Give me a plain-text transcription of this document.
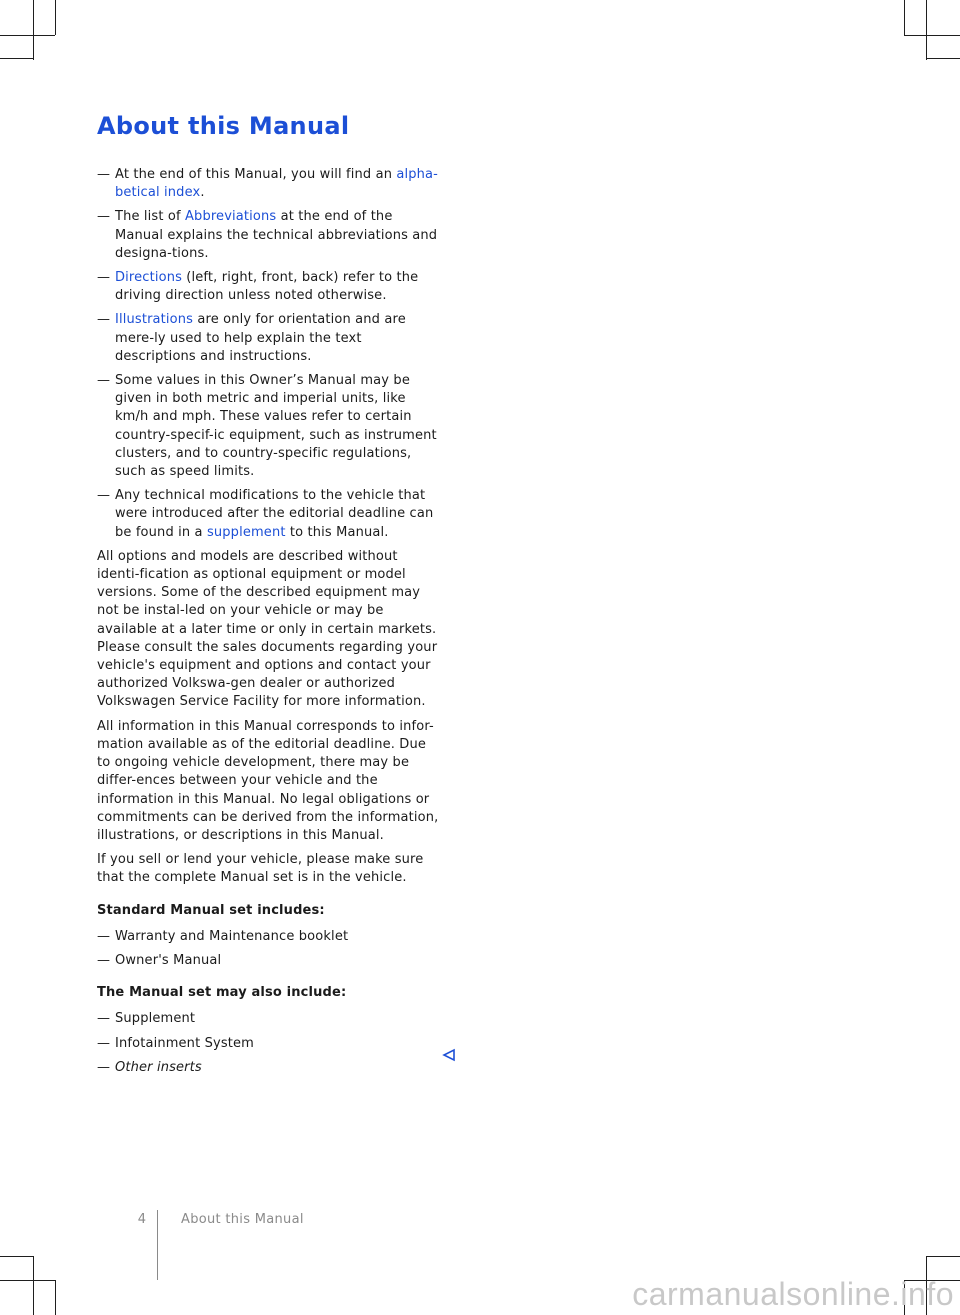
About this Manual
— At the end of this Manual, you will find an alpha-betical index.
— The list of Abbreviations at the end of the Manual explains the technical abbreviations and designa-tions.
— Directions (left, right, front, back) refer to the driving direction unless noted otherwise.
— Illustrations are only for orientation and are mere-ly used to help explain the text descriptions and instructions.
— Some values in this Owner’s Manual may be given in both metric and imperial units, like km/h and mph. These values refer to certain country-specif-ic equipment, such as instrument clusters, and to country-specific regulations, such as speed limits.
— Any technical modifications to the vehicle that were introduced after the editorial deadline can be found in a supplement to this Manual.

All options and models are described without identi-fication as optional equipment or model versions. Some of the described equipment may not be instal-led on your vehicle or may be available at a later time or only in certain markets. Please consult the sales documents regarding your vehicle's equipment and options and contact your authorized Volkswa-gen dealer or authorized Volkswagen Service Facility for more information.

All information in this Manual corresponds to infor-mation available as of the editorial deadline. Due to ongoing vehicle development, there may be differ-ences between your vehicle and the information in this Manual. No legal obligations or commitments can be derived from the information, illustrations, or descriptions in this Manual.

If you sell or lend your vehicle, please make sure that the complete Manual set is in the vehicle.

Standard Manual set includes:
— Warranty and Maintenance booklet
— Owner's Manual
The Manual set may also include:
— Supplement
— Infotainment System
— Other inserts
4	About this Manual
carmanualsonline.info
